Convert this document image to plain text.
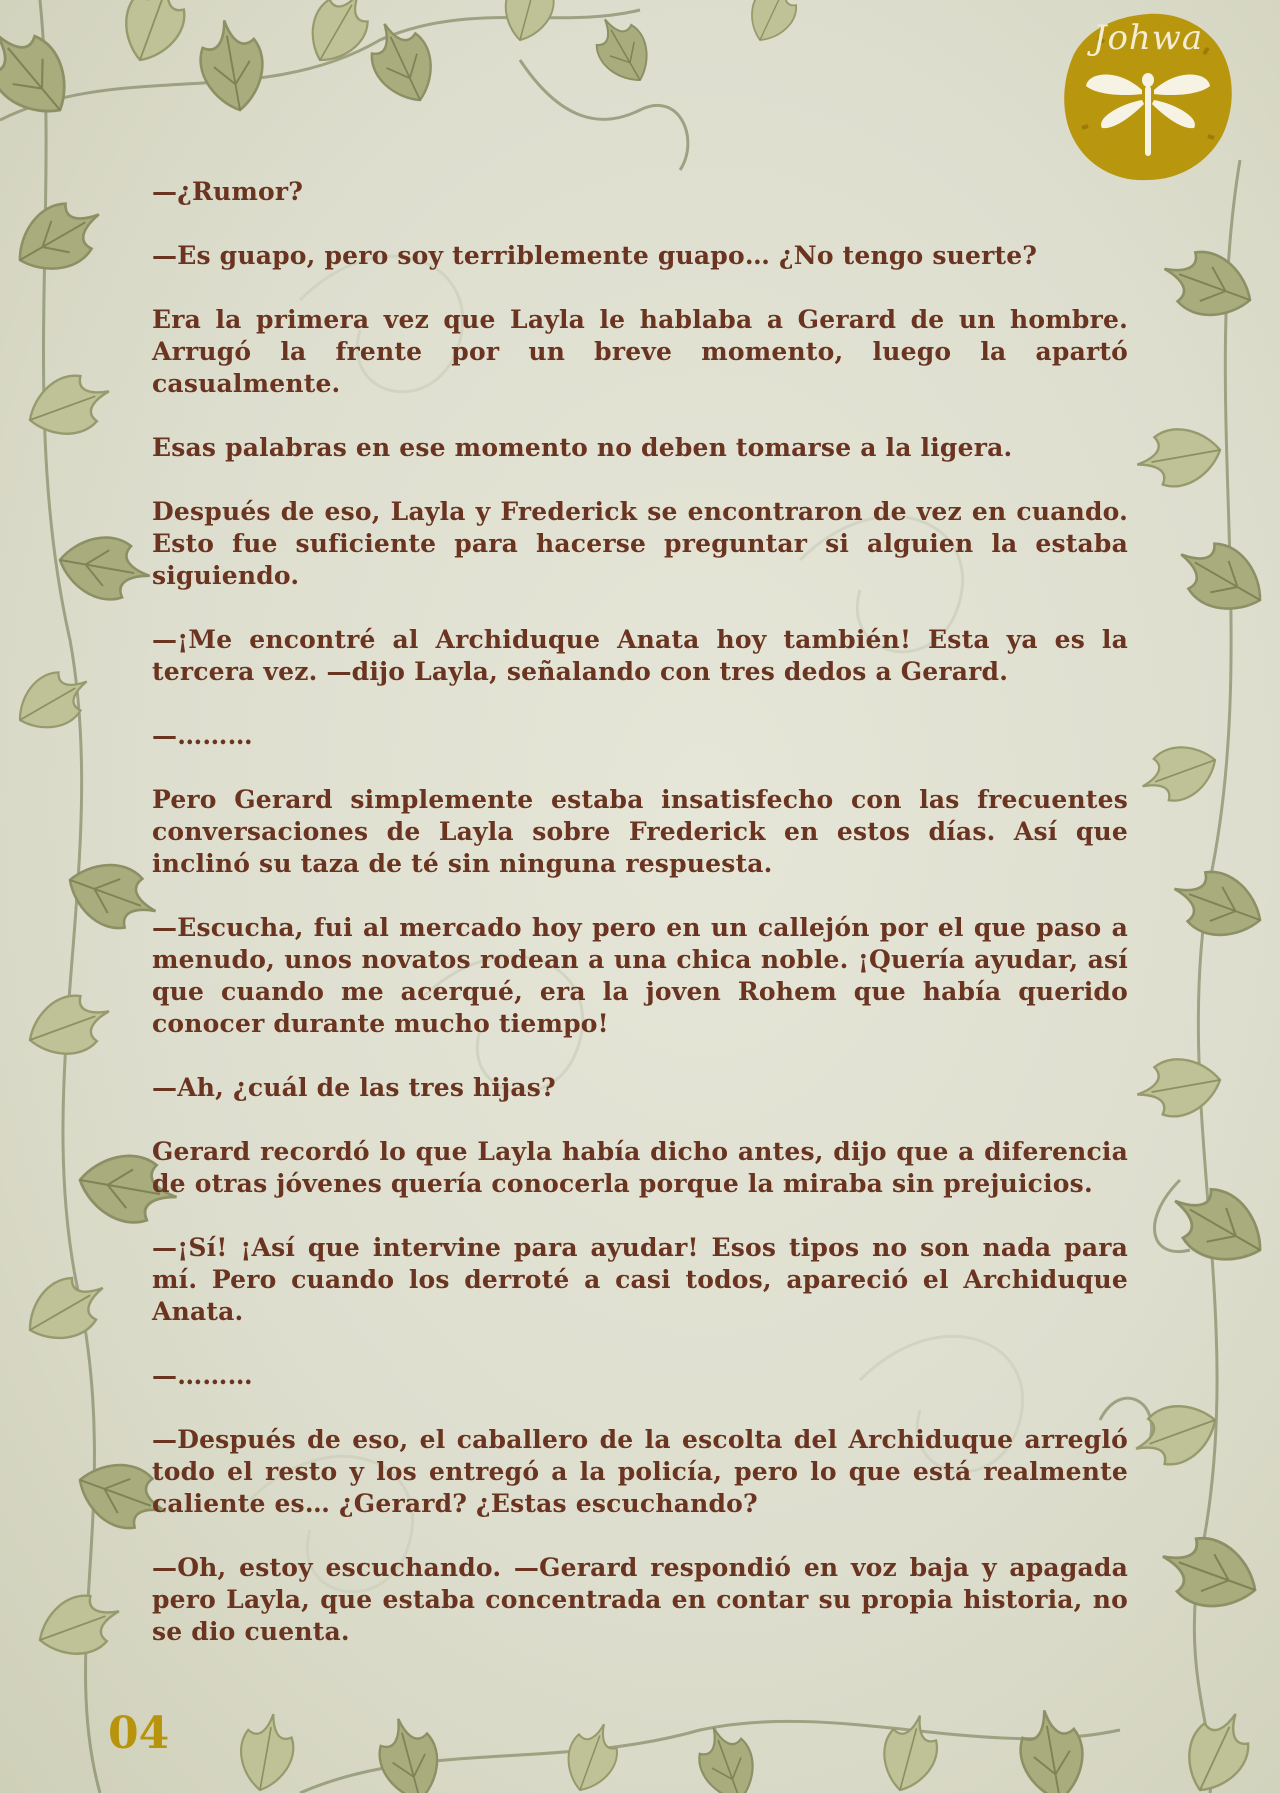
Johwa

—¿Rumor?

—Es guapo, pero soy terriblemente guapo… ¿No tengo suerte?

Era la primera vez que Layla le hablaba a Gerard de un hombre. Arrugó la frente por un breve momento, luego la apartó casualmente.

Esas palabras en ese momento no deben tomarse a la ligera.

Después de eso, Layla y Frederick se encontraron de vez en cuando. Esto fue suficiente para hacerse preguntar si alguien la estaba siguiendo.

—¡Me encontré al Archiduque Anata hoy también! Esta ya es la tercera vez. —dijo Layla, señalando con tres dedos a Gerard.

—………

Pero Gerard simplemente estaba insatisfecho con las frecuentes conversaciones de Layla sobre Frederick en estos días. Así que inclinó su taza de té sin ninguna respuesta.

—Escucha, fui al mercado hoy pero en un callejón por el que paso a menudo, unos novatos rodean a una chica noble. ¡Quería ayudar, así que cuando me acerqué, era la joven Rohem que había querido conocer durante mucho tiempo!

—Ah, ¿cuál de las tres hijas?

Gerard recordó lo que Layla había dicho antes, dijo que a diferencia de otras jóvenes quería conocerla porque la miraba sin prejuicios.

—¡Sí! ¡Así que intervine para ayudar! Esos tipos no son nada para mí. Pero cuando los derroté a casi todos, apareció el Archiduque Anata.

—………

—Después de eso, el caballero de la escolta del Archiduque arregló todo el resto y los entregó a la policía, pero lo que está realmente caliente es… ¿Gerard? ¿Estas escuchando?

—Oh, estoy escuchando. —Gerard respondió en voz baja y apagada pero Layla, que estaba concentrada en contar su propia historia, no se dio cuenta.

04
